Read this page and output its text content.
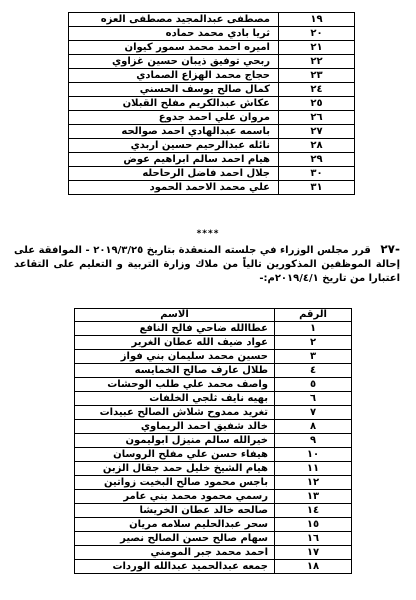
١٩	مصطفى عبدالمجيد مصطفى العزه
٢٠	ثريا بادي محمد حماده
٢١	اميره احمد محمد سمور كيوان
٢٢	ربحي توفيق ذيبان حسين غزاوي
٢٣	حجاج محمد الهزاع الصمادي
٢٤	كمال صالح يوسف الحسني
٢٥	عكاش عبدالكريم مفلح القبلان
٢٦	مروان علي احمد جدوع
٢٧	باسمه عبدالهادي احمد صوالحه
٢٨	نائله عبدالرحيم حسين اربدي
٢٩	هيام احمد سالم ابراهيم عوض
٣٠	جلال احمد فاضل الرحاحله
٣١	علي محمد الاحمد الحمود
****
-٢٧ قرر مجلس الوزراء في جلسته المنعقدة بتاريخ ٢٠١٩/٣/٢٥ - الموافقة على إحالة الموظفين المذكورين تالياً من ملاك وزارة التربية و التعليم على التقاعد اعتبارا من تاريخ ٢٠١٩/٤/١م:-
الرقم	الاسم
١	عطاالله ضاحي فالح النافع
٢	عواد ضيف الله عطان الغرير
٣	حسين محمد سليمان بني فواز
٤	طلال عارف صالح الخمايسه
٥	واصف محمد علي طلب الوحشات
٦	بهيه نايف ثلجي الخلفات
٧	تغريد ممدوح شلاش الصالح عبيدات
٨	خالد شفيق احمد الريماوي
٩	خيرالله سالم منيزل ابوليمون
١٠	هيفاء حسن علي مفلح الروسان
١١	هيام الشيخ خليل حمد جقال الزبن
١٢	باجس محمود صالح البخيت زواتين
١٣	رسمي محمود محمد بني عامر
١٤	صالحه خالد عطان الخريشا
١٥	سحر عبدالحليم سلامه مريان
١٦	سهام صالح حسن الصالح نصير
١٧	احمد محمد جبر المومني
١٨	جمعه عبدالحميد عبدالله الوردات
